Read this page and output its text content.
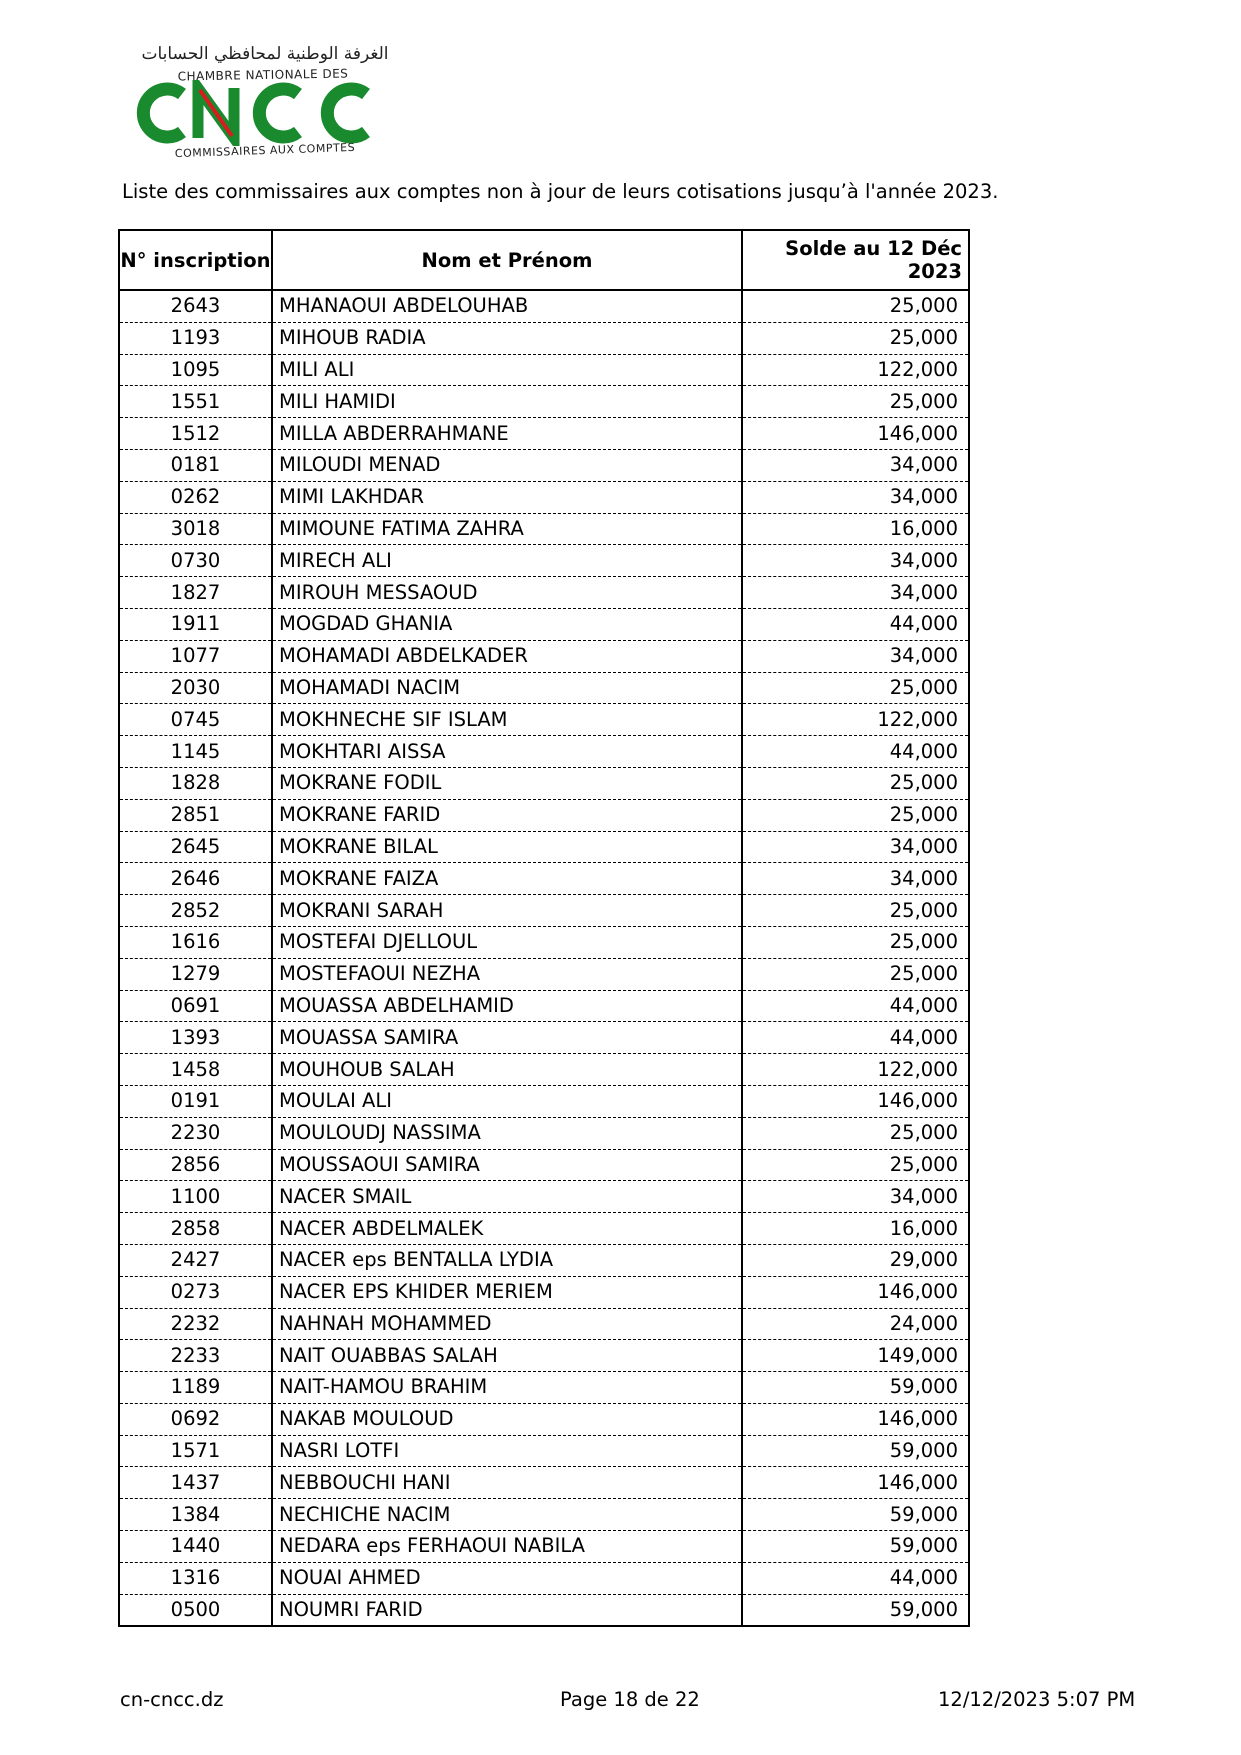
الغرفة الوطنية لمحافظي الحسابات
CHAMBRE NATIONALE DES
COMMISSAIRES AUX COMPTES
Liste des commissaires aux comptes non à jour de leurs cotisations jusqu’à l'année 2023.
N° inscription	Nom et Prénom	Solde au 12 Déc 2023
2643	MHANAOUI ABDELOUHAB	25,000
1193	MIHOUB RADIA	25,000
1095	MILI ALI	122,000
1551	MILI HAMIDI	25,000
1512	MILLA ABDERRAHMANE	146,000
0181	MILOUDI MENAD	34,000
0262	MIMI LAKHDAR	34,000
3018	MIMOUNE FATIMA ZAHRA	16,000
0730	MIRECH ALI	34,000
1827	MIROUH MESSAOUD	34,000
1911	MOGDAD GHANIA	44,000
1077	MOHAMADI ABDELKADER	34,000
2030	MOHAMADI NACIM	25,000
0745	MOKHNECHE SIF ISLAM	122,000
1145	MOKHTARI AISSA	44,000
1828	MOKRANE FODIL	25,000
2851	MOKRANE FARID	25,000
2645	MOKRANE BILAL	34,000
2646	MOKRANE FAIZA	34,000
2852	MOKRANI SARAH	25,000
1616	MOSTEFAI DJELLOUL	25,000
1279	MOSTEFAOUI NEZHA	25,000
0691	MOUASSA ABDELHAMID	44,000
1393	MOUASSA SAMIRA	44,000
1458	MOUHOUB SALAH	122,000
0191	MOULAI ALI	146,000
2230	MOULOUDJ NASSIMA	25,000
2856	MOUSSAOUI SAMIRA	25,000
1100	NACER SMAIL	34,000
2858	NACER ABDELMALEK	16,000
2427	NACER eps BENTALLA LYDIA	29,000
0273	NACER EPS KHIDER MERIEM	146,000
2232	NAHNAH MOHAMMED	24,000
2233	NAIT OUABBAS SALAH	149,000
1189	NAIT-HAMOU BRAHIM	59,000
0692	NAKAB MOULOUD	146,000
1571	NASRI LOTFI	59,000
1437	NEBBOUCHI HANI	146,000
1384	NECHICHE NACIM	59,000
1440	NEDARA eps FERHAOUI NABILA	59,000
1316	NOUAI AHMED	44,000
0500	NOUMRI FARID	59,000
cn-cncc.dz	Page 18 de 22	12/12/2023 5:07 PM
